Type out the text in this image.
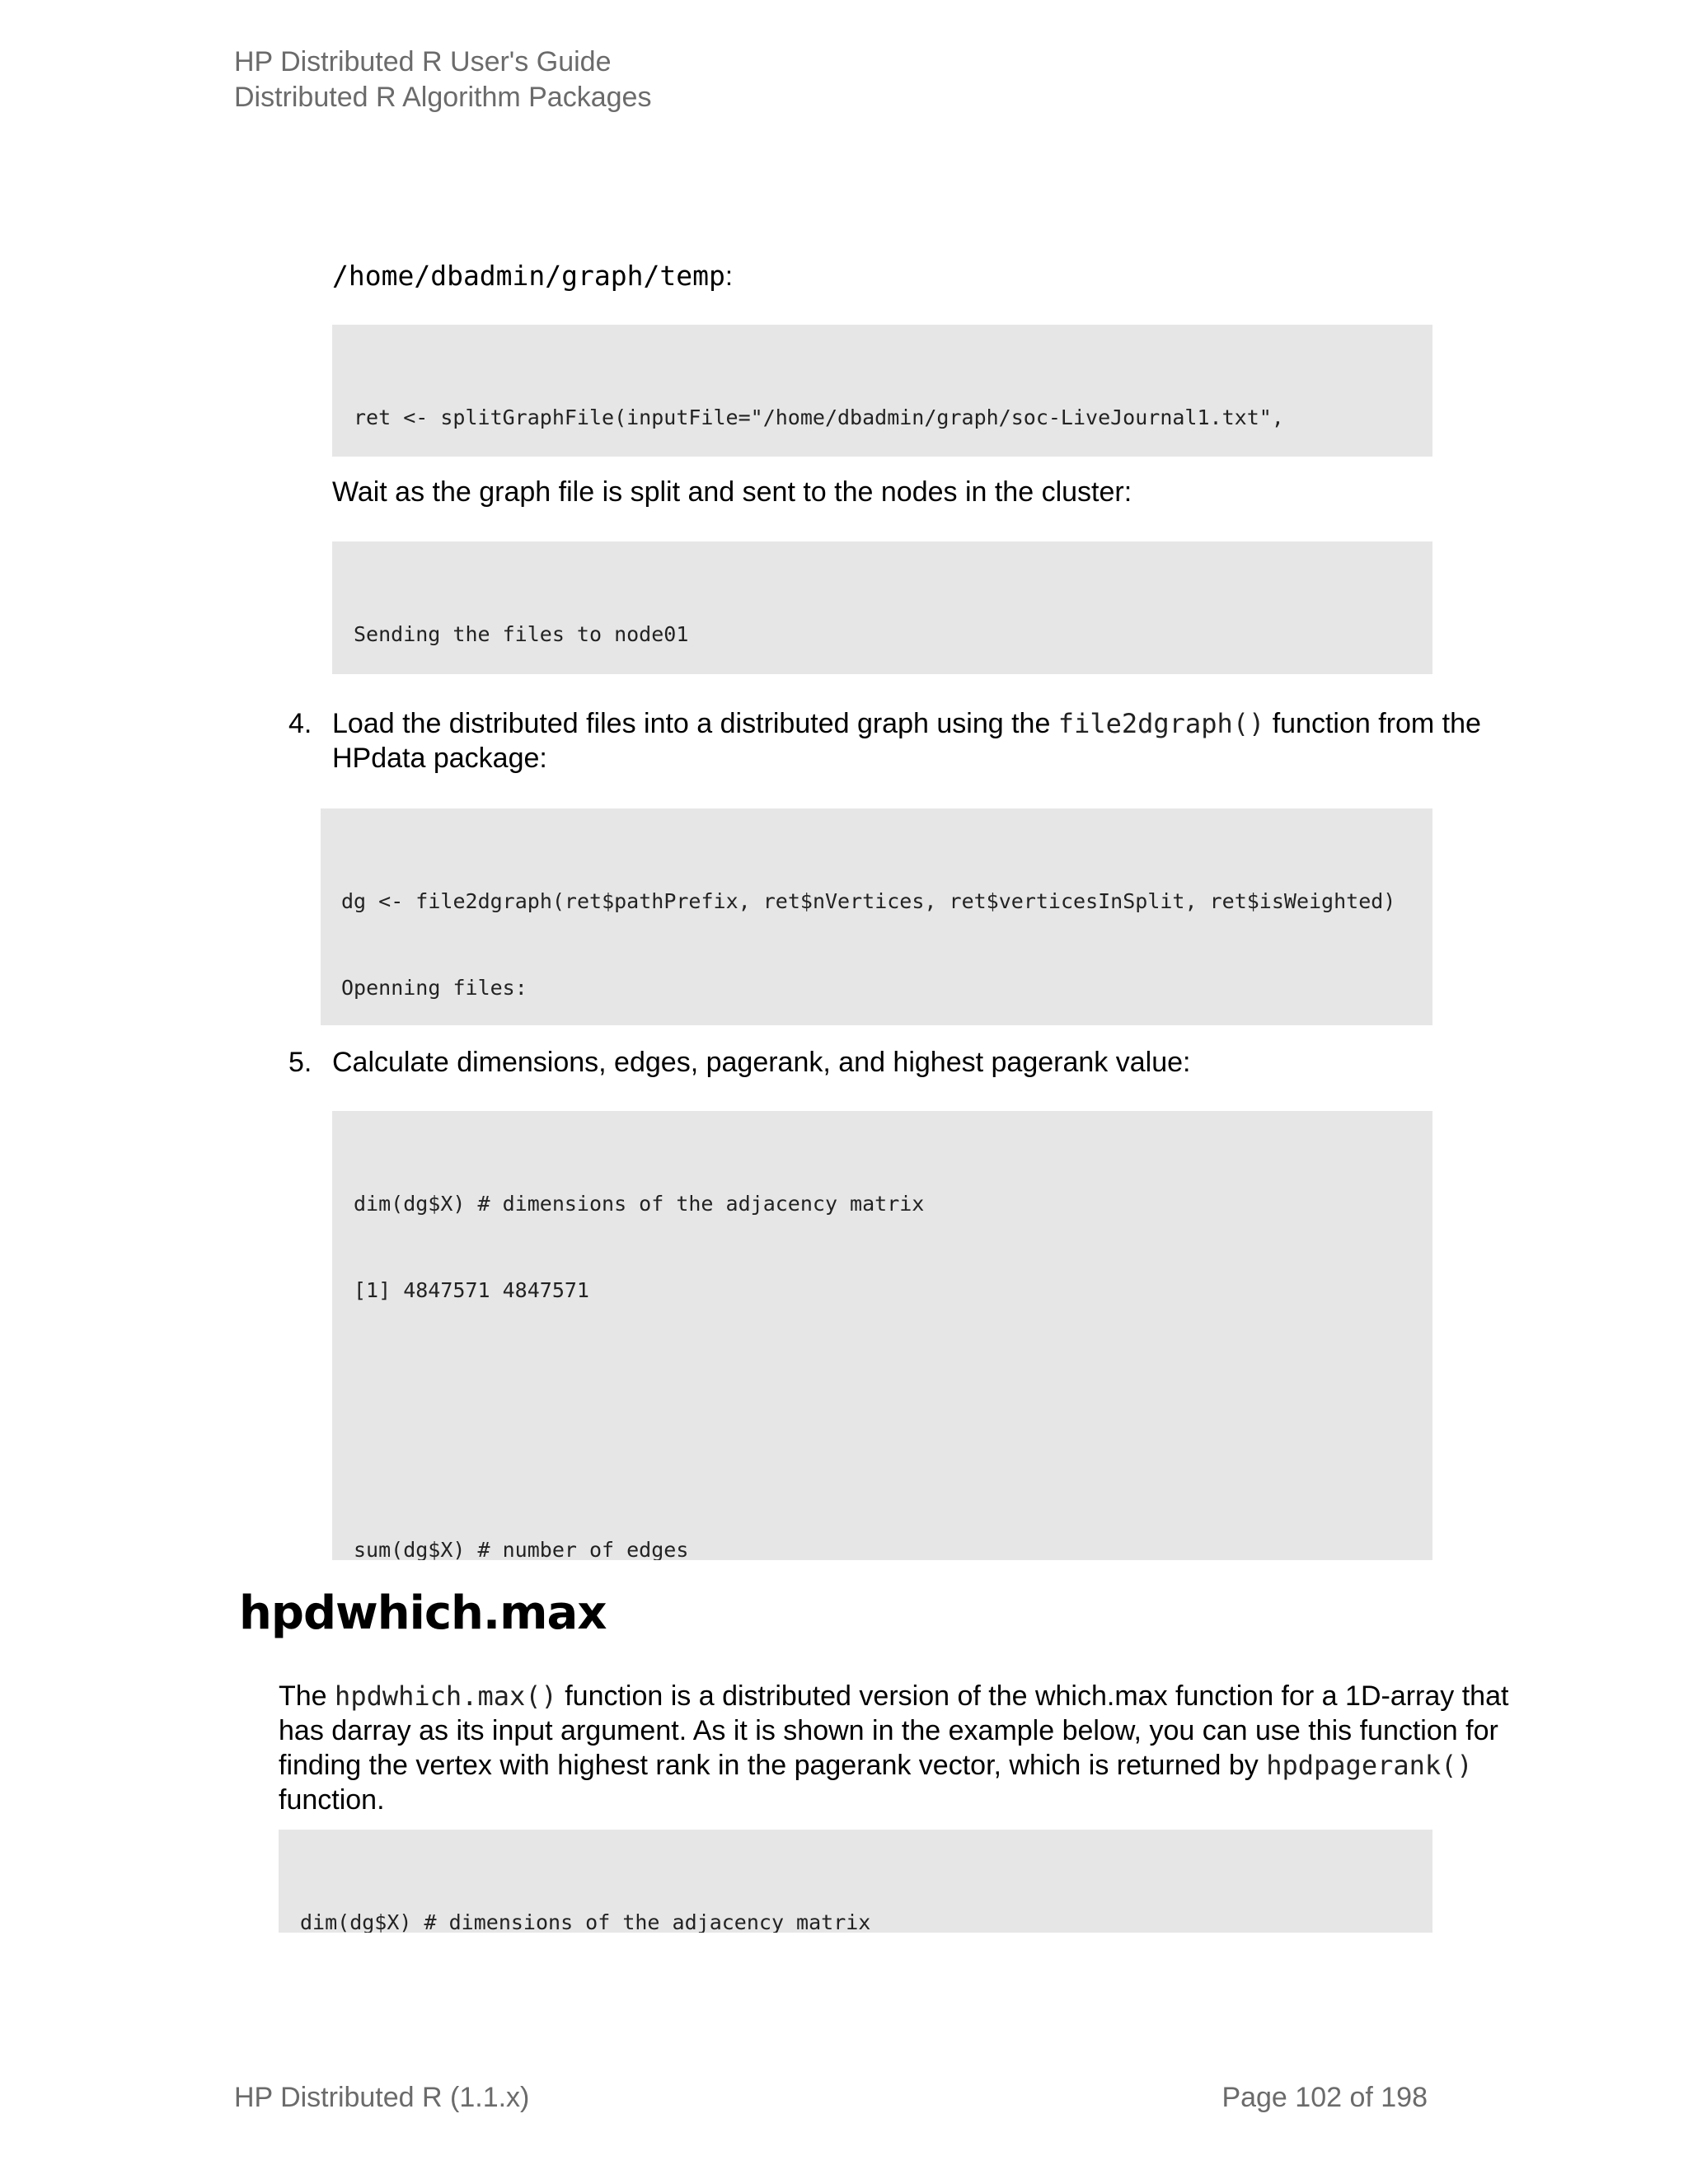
HP Distributed R User's Guide
Distributed R Algorithm Packages
/home/dbadmin/graph/temp:

ret <- splitGraphFile(inputFile="/home/dbadmin/graph/soc-LiveJournal1.txt",

Wait as the graph file is split and sent to the nodes in the cluster:

Sending the files to node01

4. Load the distributed files into a distributed graph using the file2dgraph() function from the
HPdata package:

dg <- file2dgraph(ret$pathPrefix, ret$nVertices, ret$verticesInSplit, ret$isWeighted)

Openning files:

5. Calculate dimensions, edges, pagerank, and highest pagerank value:

dim(dg$X) # dimensions of the adjacency matrix

[1] 4847571 4847571

sum(dg$X) # number of edges

hpdwhich.max
The hpdwhich.max() function is a distributed version of the which.max function for a 1D-array that
has darray as its input argument. As it is shown in the example below, you can use this function for
finding the vertex with highest rank in the pagerank vector, which is returned by hpdpagerank()
function.

dim(dg$X) # dimensions of the adjacency matrix

HP Distributed R (1.1.x)	Page 102 of 198
